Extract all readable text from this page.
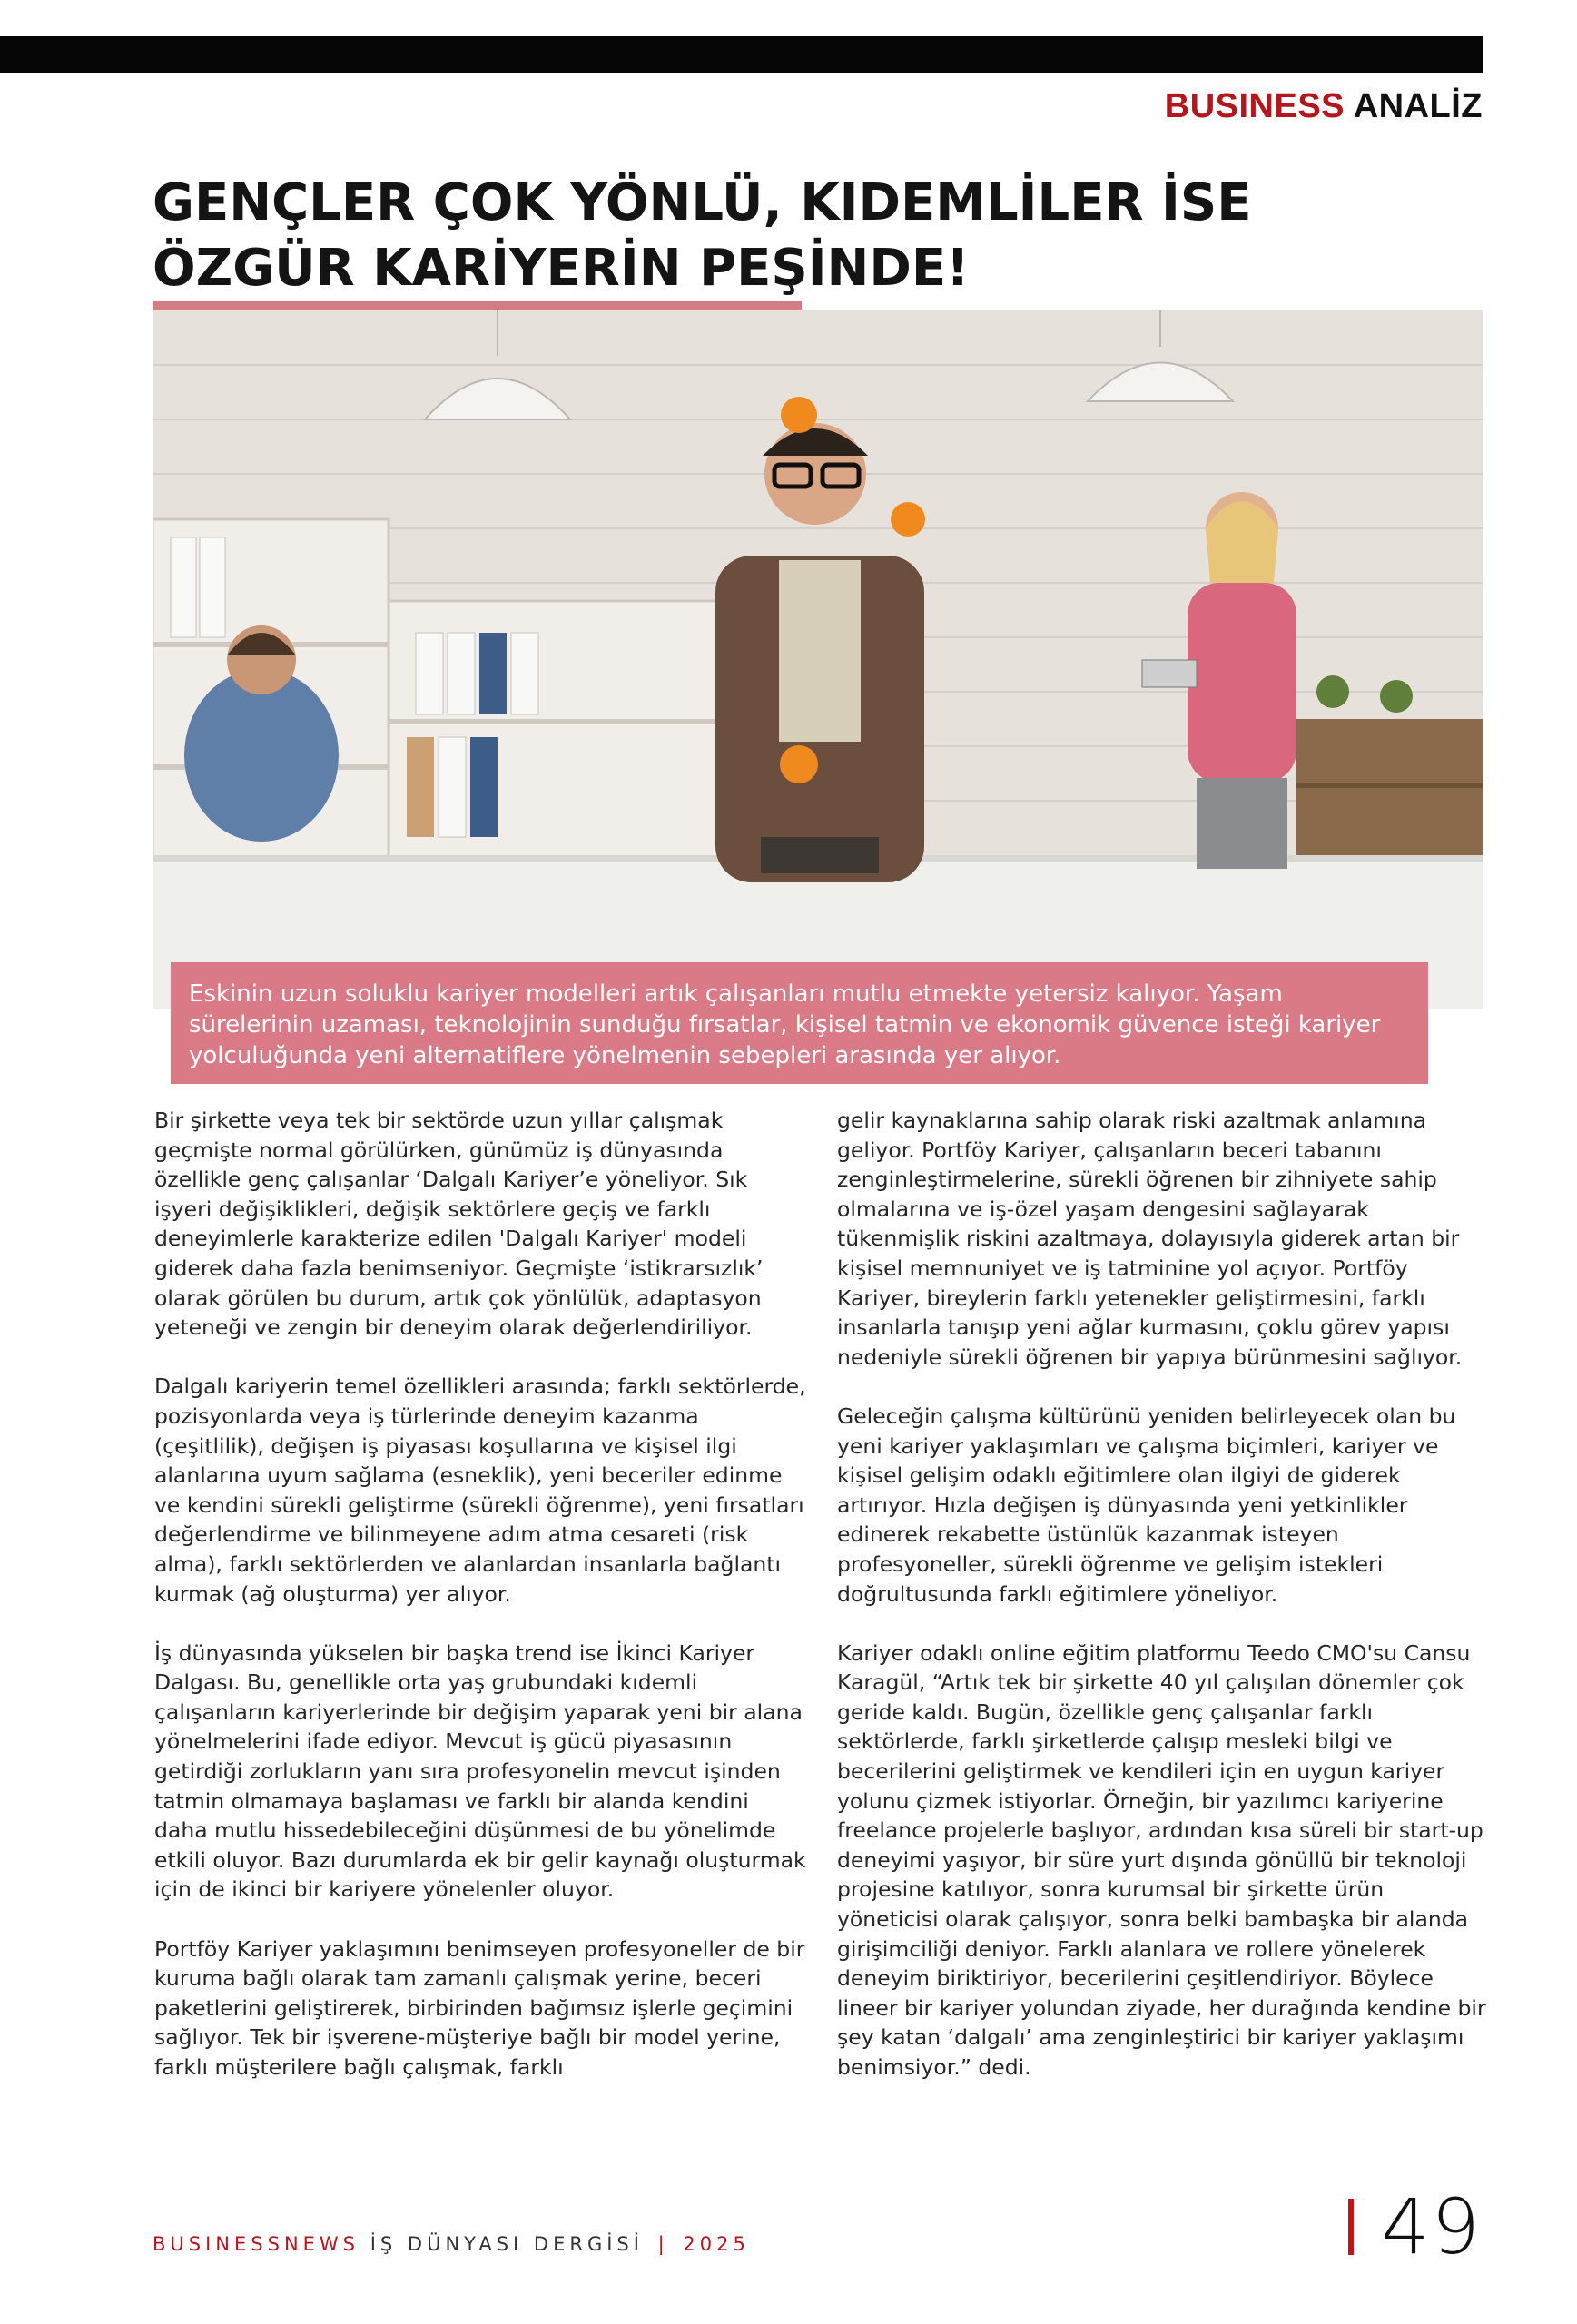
BUSINESS ANALİZ
GENÇLER ÇOK YÖNLÜ, KIDEMLİLER İSE
ÖZGÜR KARİYERİN PEŞİNDE!
Eskinin uzun soluklu kariyer modelleri artık çalışanları mutlu etmekte yetersiz kalıyor. Yaşam sürelerinin uzaması, teknolojinin sunduğu fırsatlar, kişisel tatmin ve ekonomik güvence isteği kariyer yolculuğunda yeni alternatiflere yönelmenin sebepleri arasında yer alıyor.

Bir şirkette veya tek bir sektörde uzun yıllar çalışmak geçmişte normal görülürken, günümüz iş dünyasında özellikle genç çalışanlar ‘Dalgalı Kariyer’e yöneliyor. Sık işyeri değişiklikleri, değişik sektörlere geçiş ve farklı deneyimlerle karakterize edilen 'Dalgalı Kariyer' modeli giderek daha fazla benimseniyor. Geçmişte ‘istikrarsızlık’ olarak görülen bu durum, artık çok yönlülük, adaptasyon yeteneği ve zengin bir deneyim olarak değerlendiriliyor.

Dalgalı kariyerin temel özellikleri arasında; farklı sektörlerde, pozisyonlarda veya iş türlerinde deneyim kazanma (çeşitlilik), değişen iş piyasası koşullarına ve kişisel ilgi alanlarına uyum sağlama (esneklik), yeni beceriler edinme ve kendini sürekli geliştirme (sürekli öğrenme), yeni fırsatları değerlendirme ve bilinmeyene adım atma cesareti (risk alma), farklı sektörlerden ve alanlardan insanlarla bağlantı kurmak (ağ oluşturma) yer alıyor.

İş dünyasında yükselen bir başka trend ise İkinci Kariyer Dalgası. Bu, genellikle orta yaş grubundaki kıdemli çalışanların kariyerlerinde bir değişim yaparak yeni bir alana yönelmelerini ifade ediyor. Mevcut iş gücü piyasasının getirdiği zorlukların yanı sıra profesyonelin mevcut işinden tatmin olmamaya başlaması ve farklı bir alanda kendini daha mutlu hissedebileceğini düşünmesi de bu yönelimde etkili oluyor. Bazı durumlarda ek bir gelir kaynağı oluşturmak için de ikinci bir kariyere yönelenler oluyor.

Portföy Kariyer yaklaşımını benimseyen profesyoneller de bir kuruma bağlı olarak tam zamanlı çalışmak yerine, beceri paketlerini geliştirerek, birbirinden bağımsız işlerle geçimini sağlıyor. Tek bir işverene-müşteriye bağlı bir model yerine, farklı müşterilere bağlı çalışmak, farklı

gelir kaynaklarına sahip olarak riski azaltmak anlamına geliyor. Portföy Kariyer, çalışanların beceri tabanını zenginleştirmelerine, sürekli öğrenen bir zihniyete sahip olmalarına ve iş-özel yaşam dengesini sağlayarak tükenmişlik riskini azaltmaya, dolayısıyla giderek artan bir kişisel memnuniyet ve iş tatminine yol açıyor. Portföy Kariyer, bireylerin farklı yetenekler geliştirmesini, farklı insanlarla tanışıp yeni ağlar kurmasını, çoklu görev yapısı nedeniyle sürekli öğrenen bir yapıya bürünmesini sağlıyor.

Geleceğin çalışma kültürünü yeniden belirleyecek olan bu yeni kariyer yaklaşımları ve çalışma biçimleri, kariyer ve kişisel gelişim odaklı eğitimlere olan ilgiyi de giderek artırıyor. Hızla değişen iş dünyasında yeni yetkinlikler edinerek rekabette üstünlük kazanmak isteyen profesyoneller, sürekli öğrenme ve gelişim istekleri doğrultusunda farklı eğitimlere yöneliyor.

Kariyer odaklı online eğitim platformu Teedo CMO'su Cansu Karagül, “Artık tek bir şirkette 40 yıl çalışılan dönemler çok geride kaldı. Bugün, özellikle genç çalışanlar farklı sektörlerde, farklı şirketlerde çalışıp mesleki bilgi ve becerilerini geliştirmek ve kendileri için en uygun kariyer yolunu çizmek istiyorlar. Örneğin, bir yazılımcı kariyerine freelance projelerle başlıyor, ardından kısa süreli bir start-up deneyimi yaşıyor, bir süre yurt dışında gönüllü bir teknoloji projesine katılıyor, sonra kurumsal bir şirkette ürün yöneticisi olarak çalışıyor, sonra belki bambaşka bir alanda girişimciliği deniyor. Farklı alanlara ve rollere yönelerek deneyim biriktiriyor, becerilerini çeşitlendiriyor. Böylece lineer bir kariyer yolundan ziyade, her durağında kendine bir şey katan ‘dalgalı’ ama zenginleştirici bir kariyer yaklaşımı benimsiyor.” dedi.

BUSINESSNEWS İŞ DÜNYASI DERGİSİ | 2025	49
